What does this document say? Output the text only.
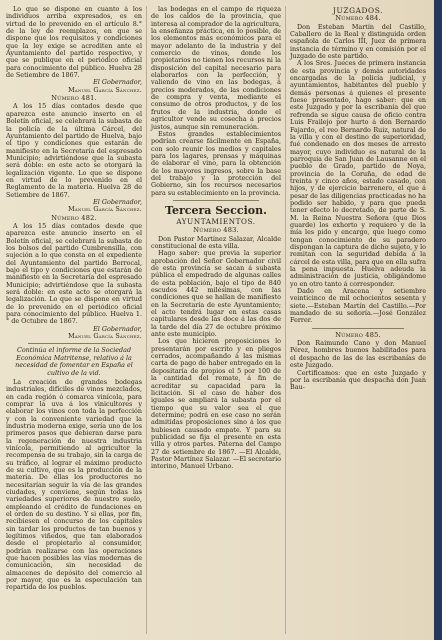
Lo que se dispone en cuanto á los individuos arriba expresados, es en virtud de lo prevenido en el artículo 8.° de la ley de reemplazos, en que se dispone que los requisitos y condiciones que la ley exige se acrediten ante el Ayuntamiento del partido respectivo, y que se publique en el periódico oficial para conocimiento del público. Huelva 28 de Setiembre de 1867.

El Gobernador,

Manuel García Sánchez.

Número 481.

A los 15 días contados desde que aparezca este anuncio inserto en el Boletín oficial, se celebrará la subasta de la policía de la última Cárcel, del Ayuntamiento del partido de Huelva, bajo el tipo y condiciones que estarán de manifiesto en la Secretaría del espresado Municipio; advirtiéndose que la subasta será doble: en este acto se otorgará la legalización vigente. Lo que se dispone en virtud de lo prevenido en el Reglamento de la materia. Huelva 28 de Setiembre de 1867.

El Gobernador,

Manuel García Sánchez.

Número 482.

A los 15 días contados desde que aparezca este anuncio inserto en el Boletín oficial, se celebrará la subasta de los bolsos del partido Cumbrensilla, con sujeción a lo que consta en el expediente del Ayuntamiento del partido Berrocal, bajo el tipo y condiciones que estarán de manifiesto en la Secretaría del espresado Municipio; advirtiéndose que la subasta será doble: en este acto se otorgará la legalización. Lo que se dispone en virtud de lo prevenido en el periódico oficial para conocimiento del público. Huelva 1.° de Octubre de 1867.

El Gobernador,

Manuel García Sánchez.

Continúa el informe de la Sociedad Económica Matritense, relativo á la necesidad de fomentar en España el cultivo de la vid.

La creación de grandes bodegas industriales, difíciles de vinos mezclados, en cada región ó comarca vinícola, para comprar la uva á los vinicultores y elaborar los vinos con toda la perfección y con la conveniente variedad que la industria moderna exige, sería uno de los primeros pasos que debieran darse para la regeneración de nuestra industria vinícola, permitiendo al agricultor la recompensa de su trabajo, sin la carga de su tráfico, al lograr el máximo producto de su cultivo, que es la producción de la materia. De ellas los productores no necesitarían seguir la vía de las grandes ciudades, y conviene, según todas las variedades superiores de nuestro suelo, empleando el crédito de fundaciones en el orden de su destino. Y si ellas, por fin, recibiesen el concurso de los capitales sin tardar los productos de tan buenos y legítimos viñedos, que tan elaborados desde el propietario al consumidor, podrían realizarse con las operaciones que hacen posibles las vías modernas de comunicación, sin necesidad de almacenes de depósito del comercio al por mayor, que es la especulación tan repartida de los pueblos.

las bodegas en el campo de riqueza de los caldos de la provincia, que interesa al comprador de la agricultura, la enseñanza práctica, en lo posible, de los elementos más económicos para el mayor adelanto de la industria y del comercio de vinos, donde los propietarios no tienen los recursos ni la disposición del capital necesario para elaborarlos con la perfección, y valiendo de vino en las bodegas, á precios moderados, de las condiciones de compra y venta, mediante el consumo de otros productos, y de los frutos de la industria, donde el agricultor vende su cosecha á precios justos, aunque sin remuneración.

Estos grandes establecimientos podrían crearse fácilmente en España, con solo reunir los medios y capitales para los lagares, prensas y máquinas de elaborar el vino, para la obtención de los mayores ingresos, sobre la base del trabajo y la protección del Gobierno, sin los recursos necesarios para su establecimiento en la provincia.

Tercera Seccion.
AYUNTAMIENTOS.

Número 483.

Don Pastor Martínez Salazar, Alcalde constitucional de esta villa.

Hago saber: que previa la superior aprobación del Señor Gobernador civil de esta provincia se sacan á subasta pública el empedrado de algunas calles de esta población, bajo el tipo de 840 escudos 442 milésimas, con las condiciones que se hallan de manifiesto en la Secretaría de este Ayuntamiento; el acto tendrá lugar en estas casas capitulares desde las doce á las dos de la tarde del día 27 de octubre próximo ante este municipio.

Los que hicieren proposiciones lo presentarán por escrito y en pliegos cerrados, acompañando á las mismas carta de pago de haber entregado en la depositaría de propios el 5 por 100 de la cantidad del remate, á fin de acreditar su capacidad para la licitación. Si el caso de haber dos iguales se ampliará la subasta por el tiempo que su valor sea el que determine; podrá en ese caso no serán admitidas proposiciones sino á los que hubiesen causado empate. Y para su publicidad se fija el presente en esta villa y otros partes. Paterna del Campo 27 de setiembre de 1867. —El Alcalde, Pastor Martínez Salazar. —El secretario interino, Manuel Urbano.

JUZGADOS.

Número 484.

Don Esteban Martín del Castillo, Caballero de la Real y distinguida orden española de Carlos III, Juez de primera instancia de término y en comisión por el Juzgado de este partido.

A los Sres. Jueces de primera instancia de esta provincia y demás autoridades encargadas de la policía judicial, y ayuntamientos, habitantes del pueblo y demás personas á quienes el presente fuese presentado, hago saber: que en este Juzgado y por la escribanía del que refrenda se sigue causa de oficio contra Luis Frailejo por hurto á don Bernardo Fajardo, el reo Bernardo Ruiz, natural de la villa y con el destino de superioridad, fué condenado en dos meses de arresto mayor, cuyo individuo es natural de la parroquia de San Juan de Lausanne en el pueblo de Grado, partido de Noya, provincia de la Coruña, de edad de treinta y cinco años, estado casado, con hijos, y de ejercicio barrenero, el que á pesar de las diligencias practicadas no ha podido ser habido, y para que pueda tener efecto lo decretado, de parte de S. M. la Reina Nuestra Señora (que Dios guarde) los exhorto y requiero y de la mía les pido y encargo, que luego como tengan conocimiento de su paradero dispongan la captura de dicho sujeto, y lo remitan con la seguridad debida á la cárcel de esta villa, para que en ella sufra la pena impuesta. Huelva adeuda la administración de justicia, obligándome yo en otro tanto á corresponder.

Dado en Aracena y setiembre veinticinco de mil ochocientos sesenta y siete.—Esteban Martín del Castillo.—Por mandado de su señoría.—José González Ferrer.

Número 485.

Don Raimundo Cano y don Manuel Pérez, hombres buenos habilitados para el despacho de las de las escribanías de este Juzgado.

Certificamos: que en este Juzgado y por la escribanía que despacha don Juan Bau-
